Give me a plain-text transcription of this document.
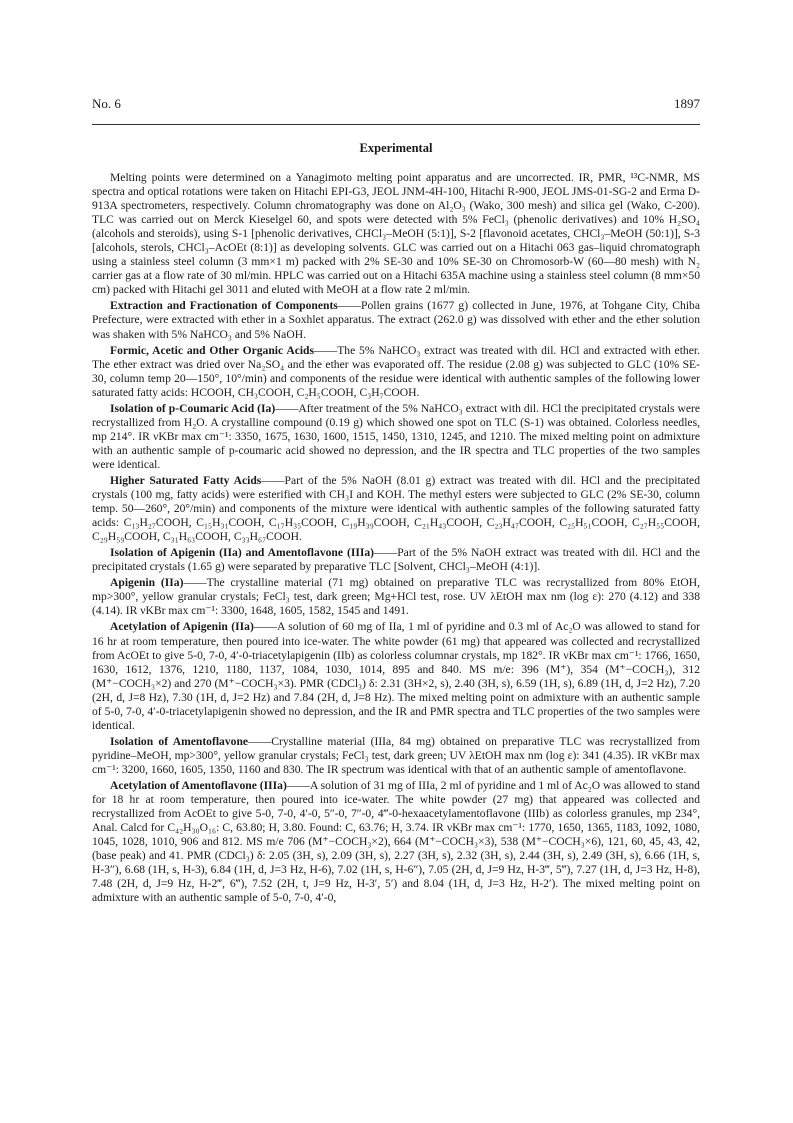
No. 6	1897
Experimental

Melting points were determined on a Yanagimoto melting point apparatus and are uncorrected. IR, PMR, ¹³C-NMR, MS spectra and optical rotations were taken on Hitachi EPI-G3, JEOL JNM-4H-100, Hitachi R-900, JEOL JMS-01-SG-2 and Erma D-913A spectrometers, respectively. Column chromatography was done on Al₂O₃ (Wako, 300 mesh) and silica gel (Wako, C-200). TLC was carried out on Merck Kieselgel 60, and spots were detected with 5% FeCl₃ (phenolic derivatives) and 10% H₂SO₄ (alcohols and steroids), using S-1 [phenolic derivatives, CHCl₃–MeOH (5:1)], S-2 [flavonoid acetates, CHCl₃–MeOH (50:1)], S-3 [alcohols, sterols, CHCl₃–AcOEt (8:1)] as developing solvents. GLC was carried out on a Hitachi 063 gas–liquid chromatograph using a stainless steel column (3 mm×1 m) packed with 2% SE-30 and 10% SE-30 on Chromosorb-W (60—80 mesh) with N₂ carrier gas at a flow rate of 30 ml/min. HPLC was carried out on a Hitachi 635A machine using a stainless steel column (8 mm×50 cm) packed with Hitachi gel 3011 and eluted with MeOH at a flow rate 2 ml/min.

Extraction and Fractionation of Components——Pollen grains (1677 g) collected in June, 1976, at Tohgane City, Chiba Prefecture, were extracted with ether in a Soxhlet apparatus. The extract (262.0 g) was dissolved with ether and the ether solution was shaken with 5% NaHCO₃ and 5% NaOH.

Formic, Acetic and Other Organic Acids——The 5% NaHCO₃ extract was treated with dil. HCl and extracted with ether. The ether extract was dried over Na₂SO₄ and the ether was evaporated off. The residue (2.08 g) was subjected to GLC (10% SE-30, column temp 20—150°, 10°/min) and components of the residue were identical with authentic samples of the following lower saturated fatty acids: HCOOH, CH₃COOH, C₂H₅COOH, C₃H₇COOH.

Isolation of p-Coumaric Acid (Ia)——After treatment of the 5% NaHCO₃ extract with dil. HCl the precipitated crystals were recrystallized from H₂O. A crystalline compound (0.19 g) which showed one spot on TLC (S-1) was obtained. Colorless needles, mp 214°. IR νKBr max cm⁻¹: 3350, 1675, 1630, 1600, 1515, 1450, 1310, 1245, and 1210. The mixed melting point on admixture with an authentic sample of p-coumaric acid showed no depression, and the IR spectra and TLC properties of the two samples were identical.

Higher Saturated Fatty Acids——Part of the 5% NaOH (8.01 g) extract was treated with dil. HCl and the precipitated crystals (100 mg, fatty acids) were esterified with CH₃I and KOH. The methyl esters were subjected to GLC (2% SE-30, column temp. 50—260°, 20°/min) and components of the mixture were identical with authentic samples of the following saturated fatty acids: C₁₃H₂₇COOH, C₁₅H₃₁COOH, C₁₇H₃₅COOH, C₁₉H₃₉COOH, C₂₁H₄₃COOH, C₂₃H₄₇COOH, C₂₅H₅₁COOH, C₂₇H₅₅COOH, C₂₉H₅₉COOH, C₃₁H₆₃COOH, C₃₃H₆₇COOH.

Isolation of Apigenin (IIa) and Amentoflavone (IIIa)——Part of the 5% NaOH extract was treated with dil. HCl and the precipitated crystals (1.65 g) were separated by preparative TLC [Solvent, CHCl₃–MeOH (4:1)].

Apigenin (IIa)——The crystalline material (71 mg) obtained on preparative TLC was recrystallized from 80% EtOH, mp>300°, yellow granular crystals; FeCl₃ test, dark green; Mg+HCl test, rose. UV λEtOH max nm (log ε): 270 (4.12) and 338 (4.14). IR νKBr max cm⁻¹: 3300, 1648, 1605, 1582, 1545 and 1491.

Acetylation of Apigenin (IIa)——A solution of 60 mg of IIa, 1 ml of pyridine and 0.3 ml of Ac₂O was allowed to stand for 16 hr at room temperature, then poured into ice-water. The white powder (61 mg) that appeared was collected and recrystallized from AcOEt to give 5-0, 7-0, 4′-0-triacetylapigenin (IIb) as colorless columnar crystals, mp 182°. IR νKBr max cm⁻¹: 1766, 1650, 1630, 1612, 1376, 1210, 1180, 1137, 1084, 1030, 1014, 895 and 840. MS m/e: 396 (M⁺), 354 (M⁺−COCH₃), 312 (M⁺−COCH₃×2) and 270 (M⁺−COCH₃×3). PMR (CDCl₃) δ: 2.31 (3H×2, s), 2.40 (3H, s), 6.59 (1H, s), 6.89 (1H, d, J=2 Hz), 7.20 (2H, d, J=8 Hz), 7.30 (1H, d, J=2 Hz) and 7.84 (2H, d, J=8 Hz). The mixed melting point on admixture with an authentic sample of 5-0, 7-0, 4′-0-triacetylapigenin showed no depression, and the IR and PMR spectra and TLC properties of the two samples were identical.

Isolation of Amentoflavone——Crystalline material (IIIa, 84 mg) obtained on preparative TLC was recrystallized from pyridine–MeOH, mp>300°, yellow granular crystals; FeCl₃ test, dark green; UV λEtOH max nm (log ε): 341 (4.35). IR νKBr max cm⁻¹: 3200, 1660, 1605, 1350, 1160 and 830. The IR spectrum was identical with that of an authentic sample of amentoflavone.

Acetylation of Amentoflavone (IIIa)——A solution of 31 mg of IIIa, 2 ml of pyridine and 1 ml of Ac₂O was allowed to stand for 18 hr at room temperature, then poured into ice-water. The white powder (27 mg) that appeared was collected and recrystallized from AcOEt to give 5-0, 7-0, 4′-0, 5″-0, 7″-0, 4‴-0-hexaacetylamentoflavone (IIIb) as colorless granules, mp 234°, Anal. Calcd for C₄₂H₃₀O₁₆: C, 63.80; H, 3.80. Found: C, 63.76; H, 3.74. IR νKBr max cm⁻¹: 1770, 1650, 1365, 1183, 1092, 1080, 1045, 1028, 1010, 906 and 812. MS m/e 706 (M⁺−COCH₃×2), 664 (M⁺−COCH₃×3), 538 (M⁺−COCH₃×6), 121, 60, 45, 43, 42, (base peak) and 41. PMR (CDCl₃) δ: 2.05 (3H, s), 2.09 (3H, s), 2.27 (3H, s), 2.32 (3H, s), 2.44 (3H, s), 2.49 (3H, s), 6.66 (1H, s, H-3″), 6.68 (1H, s, H-3), 6.84 (1H, d, J=3 Hz, H-6), 7.02 (1H, s, H-6″), 7.05 (2H, d, J=9 Hz, H-3‴, 5‴), 7.27 (1H, d, J=3 Hz, H-8), 7.48 (2H, d, J=9 Hz, H-2‴, 6‴), 7.52 (2H, t, J=9 Hz, H-3′, 5′) and 8.04 (1H, d, J=3 Hz, H-2′). The mixed melting point on admixture with an authentic sample of 5-0, 7-0, 4′-0,
